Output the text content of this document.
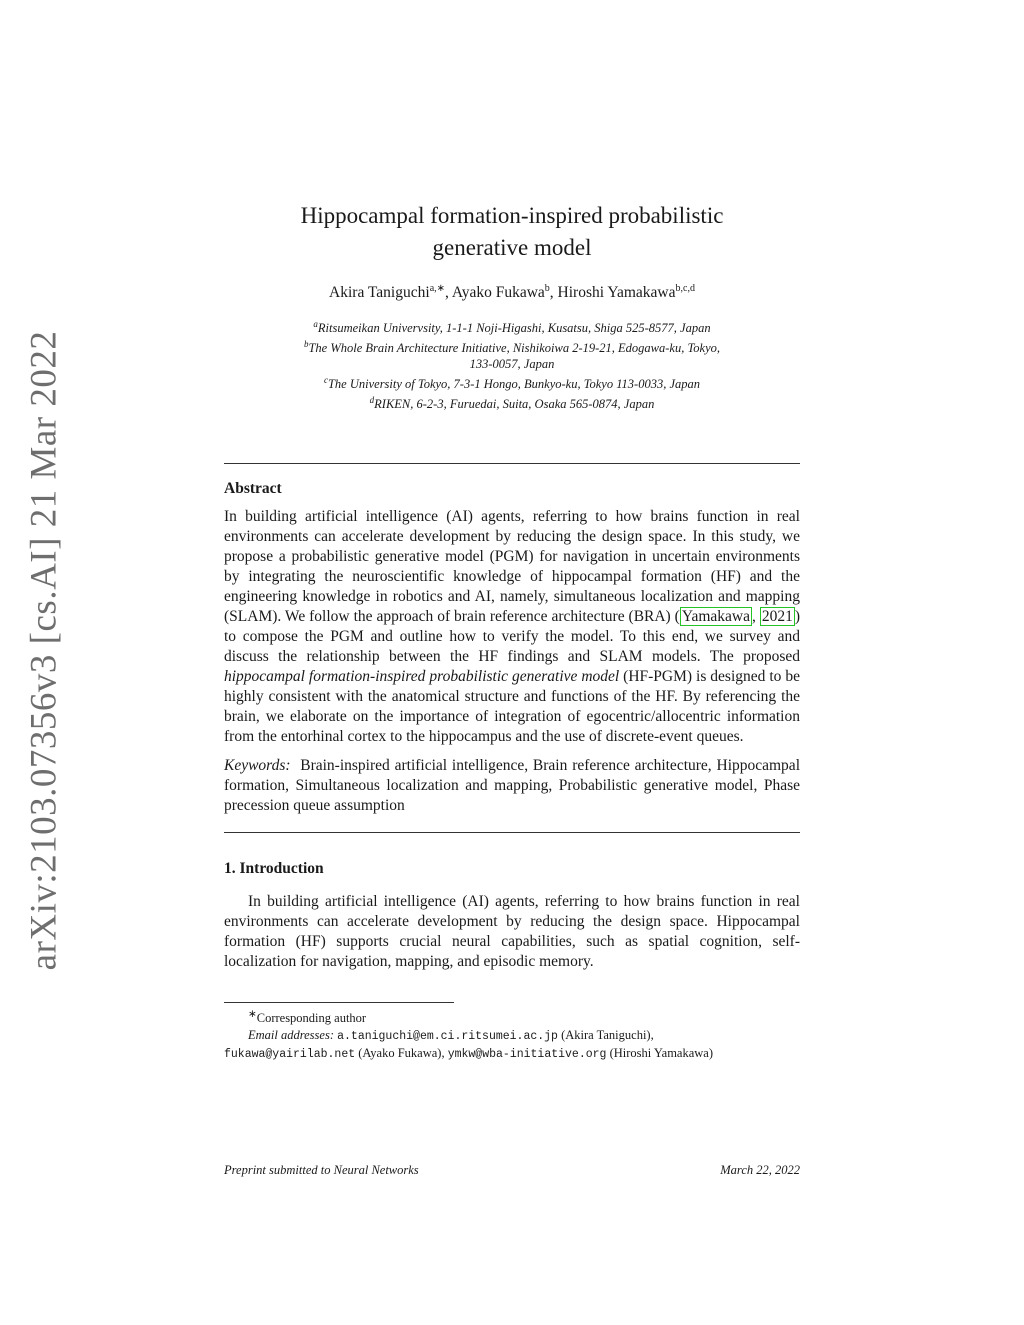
arXiv:2103.07356v3 [cs.AI] 21 Mar 2022
Hippocampal formation-inspired probabilistic
generative model
Akira Taniguchi$^{a,∗}$, Ayako Fukawa$^b$, Hiroshi Yamakawa$^{b,c,d}$
$^a$Ritsumeikan Univervsity, 1-1-1 Noji-Higashi, Kusatsu, Shiga 525-8577, Japan
$^b$The Whole Brain Architecture Initiative, Nishikoiwa 2-19-21, Edogawa-ku, Tokyo,
133-0057, Japan
$^c$The University of Tokyo, 7-3-1 Hongo, Bunkyo-ku, Tokyo 113-0033, Japan
$^d$RIKEN, 6-2-3, Furuedai, Suita, Osaka 565-0874, Japan
Abstract

In building artificial intelligence (AI) agents, referring to how brains function in real environments can accelerate development by reducing the design space. In this study, we propose a probabilistic generative model (PGM) for navigation in uncertain environments by integrating the neuroscientific knowledge of hippocampal formation (HF) and the engineering knowledge in robotics and AI, namely, simultaneous localization and mapping (SLAM). We follow the approach of brain reference architecture (BRA) ( Yamakawa , 2021 ) to compose the PGM and outline how to verify the model. To this end, we survey and discuss the relationship between the HF findings and SLAM models. The proposed hippocampal formation-inspired probabilistic generative model (HF-PGM) is designed to be highly consistent with the anatomical structure and functions of the HF. By referencing the brain, we elaborate on the importance of integration of egocentric/allocentric information from the entorhinal cortex to the hippocampus and the use of discrete-event queues.

Keywords: Brain-inspired artificial intelligence, Brain reference architecture, Hippocampal formation, Simultaneous localization and mapping, Probabilistic generative model, Phase precession queue assumption

1. Introduction

In building artificial intelligence (AI) agents, referring to how brains function in real environments can accelerate development by reducing the design space. Hippocampal formation (HF) supports crucial neural capabilities, such as spatial cognition, self-localization for navigation, mapping, and episodic memory.

∗Corresponding author
Email addresses: a.taniguchi@em.ci.ritsumei.ac.jp (Akira Taniguchi),
fukawa@yairilab.net (Ayako Fukawa), ymkw@wba-initiative.org (Hiroshi Yamakawa)
Preprint submitted to Neural Networks	March 22, 2022
